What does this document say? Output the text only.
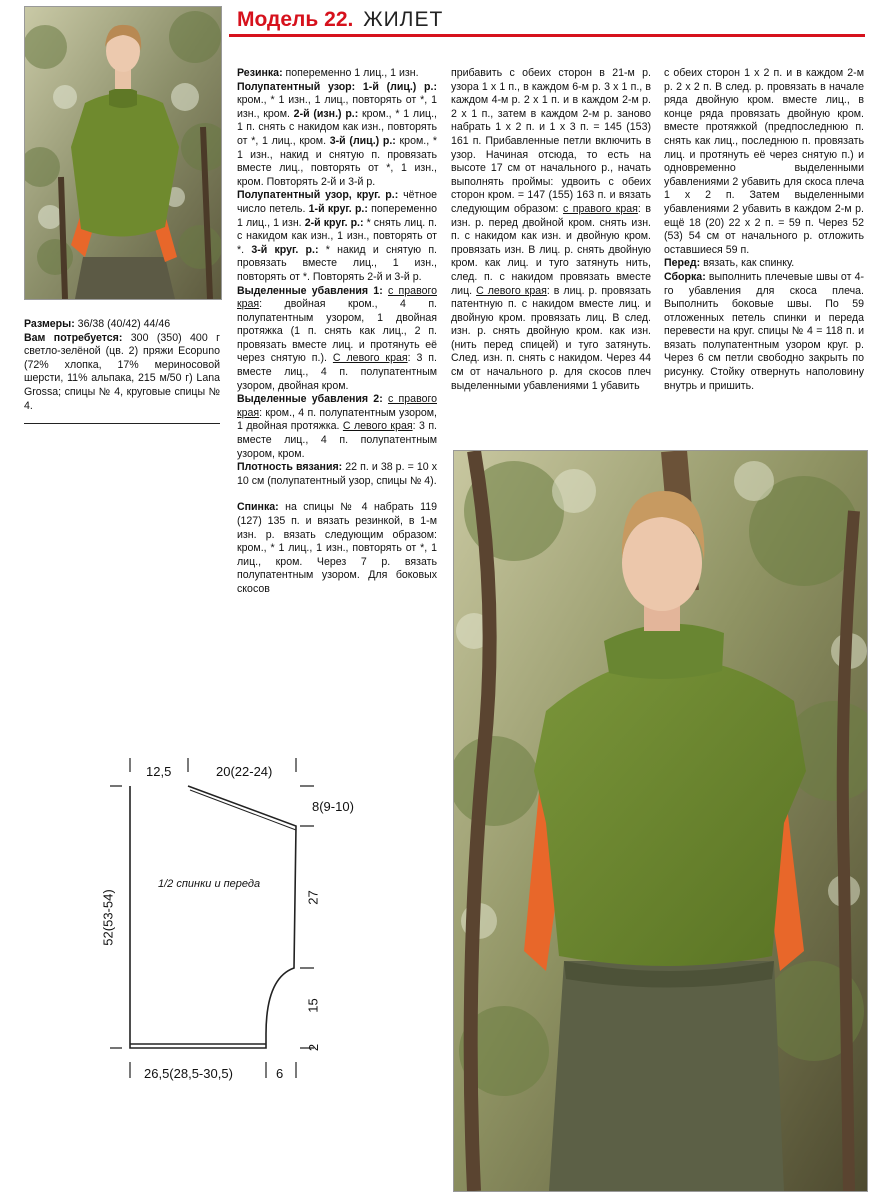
Модель 22. ЖИЛЕТ

Размеры: 36/38 (40/42) 44/46

Вам потребуется: 300 (350) 400 г светло-зелёной (цв. 2) пряжи Ecopuno (72% хлопка, 17% мериносовой шерсти, 11% альпака, 215 м/50 г) Lana Grossa; спицы № 4, круговые спицы № 4.

Резинка: попеременно 1 лиц., 1 изн.

Полупатентный узор: 1-й (лиц.) р.: кром., * 1 изн., 1 лиц., повторять от *, 1 изн., кром. 2-й (изн.) р.: кром., * 1 лиц., 1 п. снять с накидом как изн., повторять от *, 1 лиц., кром. 3-й (лиц.) р.: кром., * 1 изн., накид и снятую п. провязать вместе лиц., повторять от *, 1 изн., кром. Повторять 2-й и 3-й р.

Полупатентный узор, круг. р.: чётное число петель. 1-й круг. р.: попеременно 1 лиц., 1 изн. 2-й круг. р.: * снять лиц. п. с накидом как изн., 1 изн., повторять от *. 3-й круг. р.: * накид и снятую п. провязать вместе лиц., 1 изн., повторять от *. Повторять 2-й и 3-й р.

Выделенные убавления 1: с правого края: двойная кром., 4 п. полупатентным узором, 1 двойная протяжка (1 п. снять как лиц., 2 п. провязать вместе лиц. и протянуть её через снятую п.). С левого края: 3 п. вместе лиц., 4 п. полупатентным узором, двойная кром.

Выделенные убавления 2: с правого края: кром., 4 п. полупатентным узором, 1 двойная протяжка. С левого края: 3 п. вместе лиц., 4 п. полупатентным узором, кром.

Плотность вязания: 22 п. и 38 р. = 10 x 10 см (полупатентный узор, спицы № 4).

Спинка: на спицы № 4 набрать 119 (127) 135 п. и вязать резинкой, в 1-м изн. р. вязать следующим образом: кром., * 1 лиц., 1 изн., повторять от *, 1 лиц., кром. Через 7 р. вязать полупатентным узором. Для боковых скосов

прибавить с обеих сторон в 21-м р. узора 1 x 1 п., в каждом 6-м р. 3 x 1 п., в каждом 4-м р. 2 x 1 п. и в каждом 2-м р. 2 x 1 п., затем в каждом 2-м р. заново набрать 1 x 2 п. и 1 x 3 п. = 145 (153) 161 п. Прибавленные петли включить в узор. Начиная отсюда, то есть на высоте 17 см от начального р., начать выполнять проймы: удвоить с обеих сторон кром. = 147 (155) 163 п. и вязать следующим образом: с правого края: в изн. р. перед двойной кром. снять изн. п. с накидом как изн. и двойную кром. провязать изн. В лиц. р. снять двойную кром. как лиц. и туго затянуть нить, след. п. с накидом провязать вместе лиц. С левого края: в лиц. р. провязать патентную п. с накидом вместе лиц. и двойную кром. провязать лиц. В след. изн. р. снять двойную кром. как изн. (нить перед спицей) и туго затянуть. След. изн. п. снять с накидом. Через 44 см от начального р. для скосов плеч выделенными убавлениями 1 убавить

с обеих сторон 1 x 2 п. и в каждом 2-м р. 2 x 2 п. В след. р. провязать в начале ряда двойную кром. вместе лиц., в конце ряда провязать двойную кром. вместе протяжкой (предпоследнюю п. снять как лиц., последнюю п. провязать лиц. и протянуть её через снятую п.) и одновременно выделенными убавлениями 2 убавить для скоса плеча 1 x 2 п. Затем выделенными убавлениями 2 убавить в каждом 2-м р. ещё 18 (20) 22 x 2 п. = 59 п. Через 52 (53) 54 см от начального р. отложить оставшиеся 59 п.

Перед: вязать, как спинку.

Сборка: выполнить плечевые швы от 4-го убавления для скоса плеча. Выполнить боковые швы. По 59 отложенных петель спинки и переда перевести на круг. спицы № 4 = 118 п. и вязать полупатентным узором круг. р. Через 6 см петли свободно закрыть по рисунку. Стойку отвернуть наполовину внутрь и пришить.

12,5	20(22-24)
8(9-10)
52(53-54)	27
15
2
26,5(28,5-30,5)	6
1/2 спинки и переда
